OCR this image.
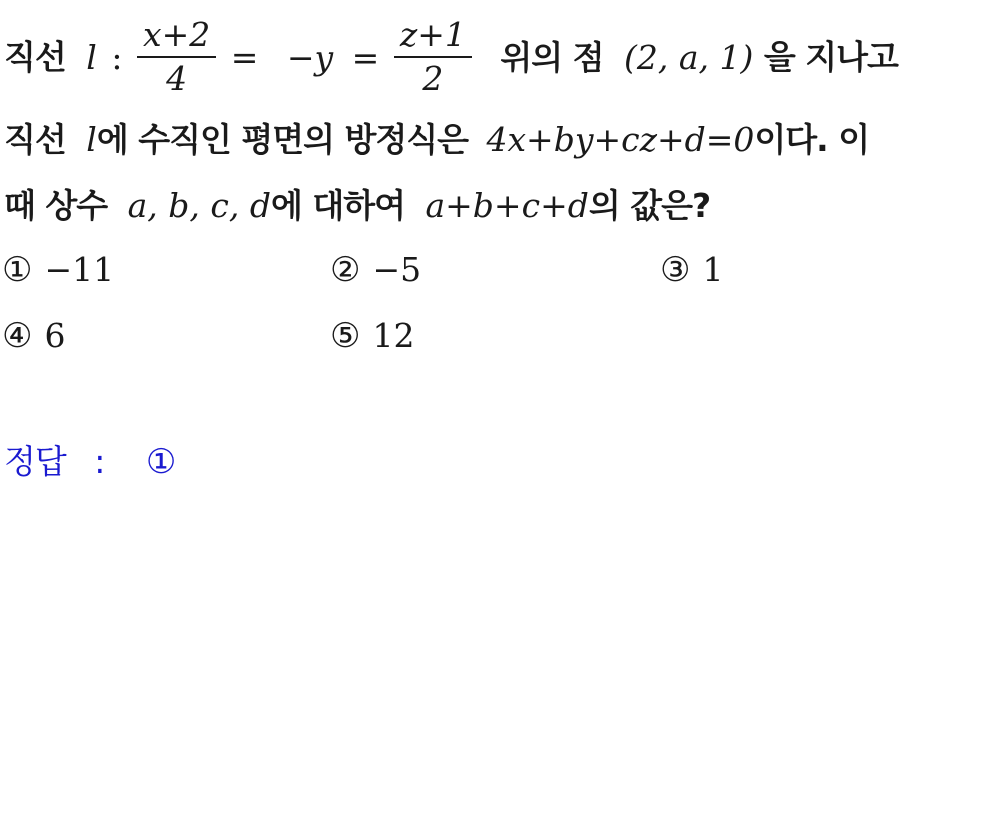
직선 l : $\frac{x+2}{4} = -y = \frac{z+1}{2}$ 위의 점 (2, a, 1) 을 지나고
직선 l에 수직인 평면의 방정식은 4x+by+cz+d=0이다. 이
때 상수 a, b, c, d에 대하여 a+b+c+d의 값은?
① −11	② −5	③ 1
④ 6	⑤ 12
정답 : ①
